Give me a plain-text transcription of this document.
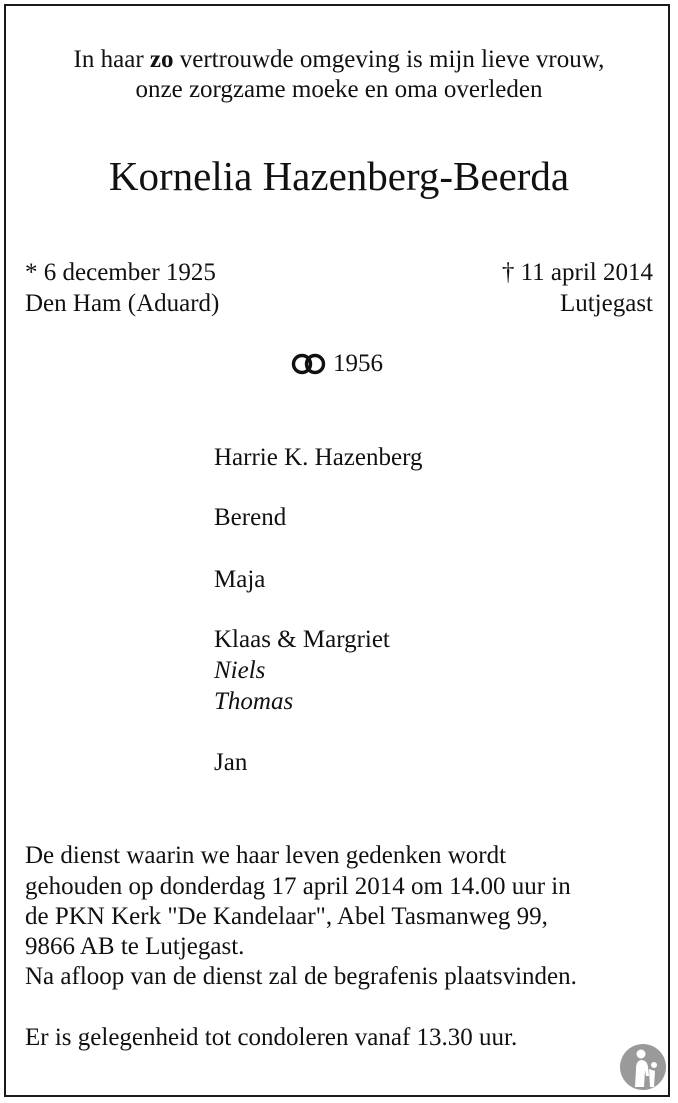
In haar zo vertrouwde omgeving is mijn lieve vrouw,
onze zorgzame moeke en oma overleden
Kornelia Hazenberg-Beerda
* 6 december 1925
Den Ham (Aduard)
† 11 april 2014
Lutjegast
1956
Harrie K. Hazenberg
Berend
Maja
Klaas & Margriet
Niels
Thomas
Jan
De dienst waarin we haar leven gedenken wordt
gehouden op donderdag 17 april 2014 om 14.00 uur in
de PKN Kerk "De Kandelaar", Abel Tasmanweg 99,
9866 AB te Lutjegast.
Na afloop van de dienst zal de begrafenis plaatsvinden.
Er is gelegenheid tot condoleren vanaf 13.30 uur.
